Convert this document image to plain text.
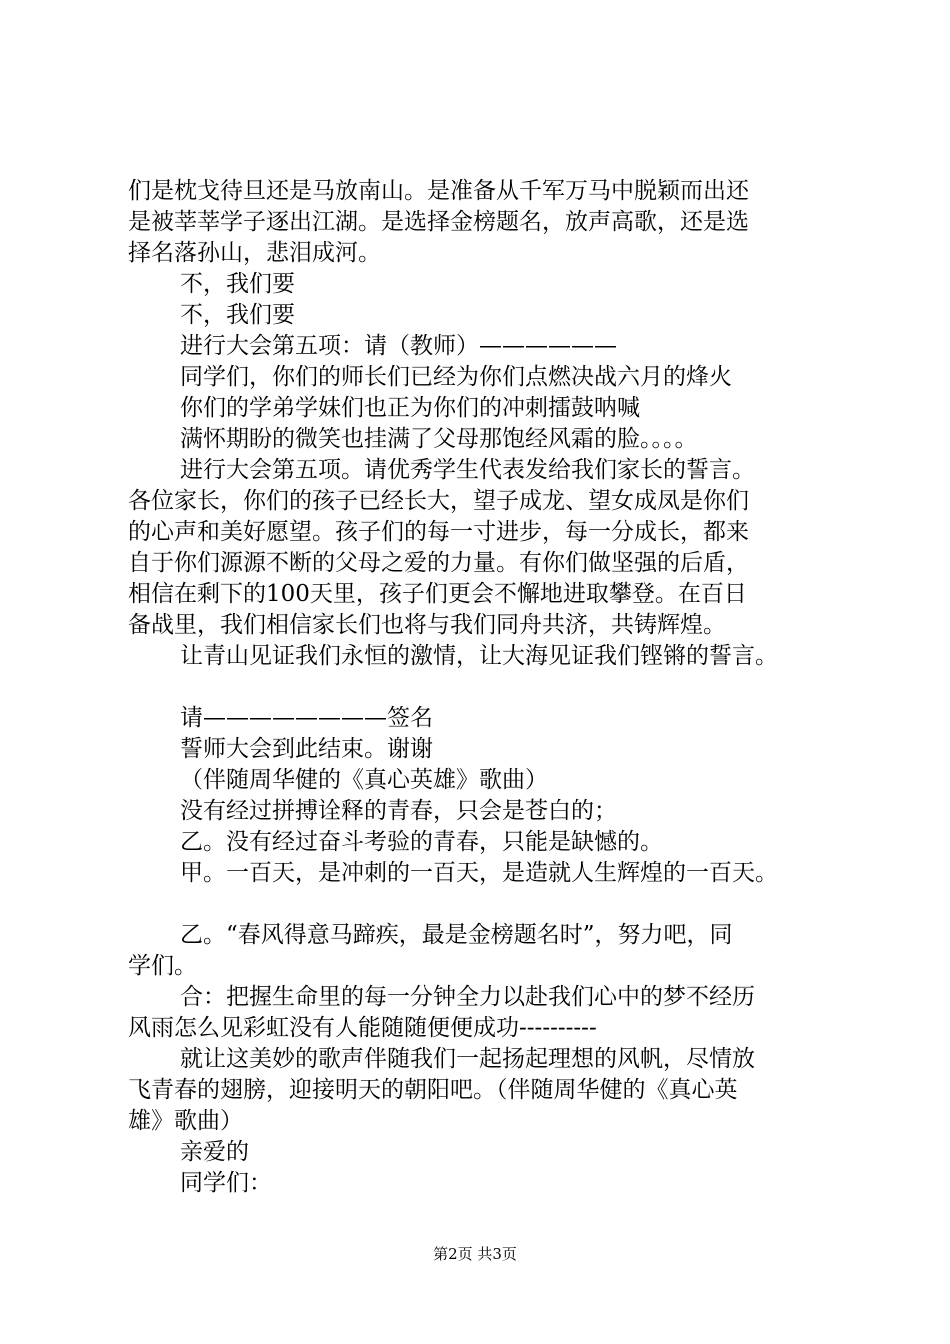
们是枕戈待旦还是马放南山。是准备从千军万马中脱颖而出还
是被莘莘学子逐出江湖。是选择金榜题名，放声高歌，还是选
择名落孙山，悲泪成河。
不，我们要
不，我们要
进行大会第五项：请（教师）——————
同学们，你们的师长们已经为你们点燃决战六月的烽火
你们的学弟学妹们也正为你们的冲刺擂鼓呐喊
满怀期盼的微笑也挂满了父母那饱经风霜的脸。。。。
进行大会第五项。请优秀学生代表发给我们家长的誓言。
各位家长，你们的孩子已经长大，望子成龙、望女成凤是你们
的心声和美好愿望。孩子们的每一寸进步，每一分成长，都来
自于你们源源不断的父母之爱的力量。有你们做坚强的后盾，
相信在剩下的100天里，孩子们更会不懈地进取攀登。在百日
备战里，我们相信家长们也将与我们同舟共济，共铸辉煌。
让青山见证我们永恒的激情，让大海见证我们铿锵的誓言。
请————————签名
誓师大会到此结束。谢谢
（伴随周华健的《真心英雄》歌曲）
没有经过拼搏诠释的青春，只会是苍白的；
乙。没有经过奋斗考验的青春，只能是缺憾的。
甲。一百天，是冲刺的一百天，是造就人生辉煌的一百天。
乙。“春风得意马蹄疾，最是金榜题名时”，努力吧，同
学们。
合：把握生命里的每一分钟全力以赴我们心中的梦不经历
风雨怎么见彩虹没有人能随随便便成功----------
就让这美妙的歌声伴随我们一起扬起理想的风帆，尽情放
飞青春的翅膀，迎接明天的朝阳吧。（伴随周华健的《真心英
雄》歌曲）
亲爱的
同学们：
第2页 共3页
